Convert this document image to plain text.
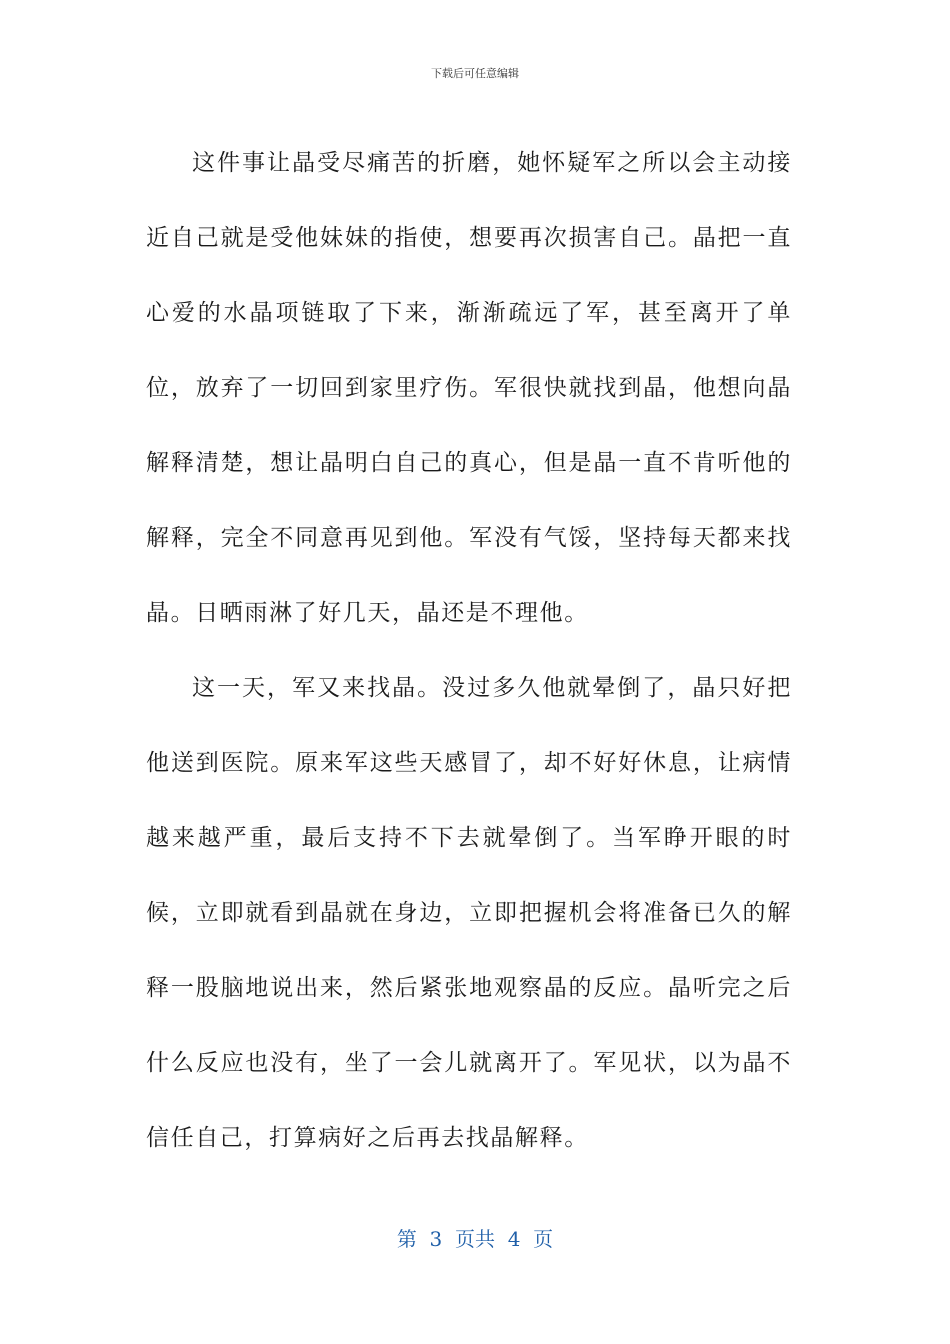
下载后可任意编辑

这件事让晶受尽痛苦的折磨，她怀疑军之所以会主动接近自己就是受他妹妹的指使，想要再次损害自己。晶把一直心爱的水晶项链取了下来，渐渐疏远了军，甚至离开了单位，放弃了一切回到家里疗伤。军很快就找到晶，他想向晶解释清楚，想让晶明白自己的真心，但是晶一直不肯听他的解释，完全不同意再见到他。军没有气馁，坚持每天都来找晶。日晒雨淋了好几天，晶还是不理他。

这一天，军又来找晶。没过多久他就晕倒了，晶只好把他送到医院。原来军这些天感冒了，却不好好休息，让病情越来越严重，最后支持不下去就晕倒了。当军睁开眼的时候，立即就看到晶就在身边，立即把握机会将准备已久的解释一股脑地说出来，然后紧张地观察晶的反应。晶听完之后什么反应也没有，坐了一会儿就离开了。军见状，以为晶不信任自己，打算病好之后再去找晶解释。

第  3  页共  4  页
